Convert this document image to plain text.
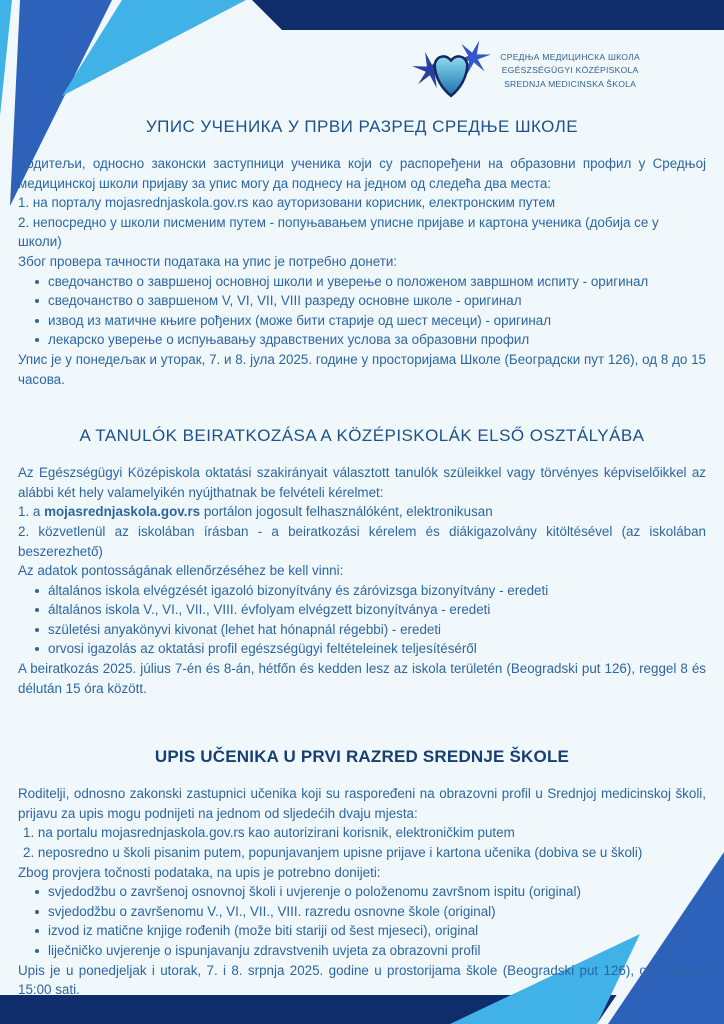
СРЕДЊА МЕДИЦИНСКА ШКОЛА
EGÉSZSÉGÜGYI KÖZÉPISKOLA
SREDNJA MEDICINSKA ŠKOLA
УПИС УЧЕНИКА У ПРВИ РАЗРЕД СРЕДЊЕ ШКОЛЕ

Родитељи, односно законски заступници ученика који су распоређени на образовни профил у Средњој медицинској школи пријаву за упис могу да поднесу на једном од следећа два места:

1. на порталу mojasrednjaskola.gov.rs као ауторизовани корисник, електронским путем

2. непосредно у школи писменим путем - попуњавањем уписне пријаве и картона ученика (добија се у школи)

Због провера тачности података на упис је потребно донети:

сведочанство о завршеној основној школи и уверење о положеном завршном испиту - оригинал
сведочанство о завршеном V, VI, VII, VIII разреду основне школе - оригинал
извод из матичне књиге рођених (може бити старије од шест месеци) - оригинал
лекарско уверење о испуњавању здравствених услова за образовни профил

Упис је у понедељак и уторак, 7. и 8. јула 2025. године у просторијама Школе (Београдски пут 126), од 8 до 15 часова.

A TANULÓK BEIRATKOZÁSA A KÖZÉPISKOLÁK ELSŐ OSZTÁLYÁBA

Az Egészségügyi Középiskola oktatási szakirányait választott tanulók szüleikkel vagy törvényes képviselőikkel az alábbi két hely valamelyikén nyújthatnak be felvételi kérelmet:

1. a mojasrednjaskola.gov.rs portálon jogosult felhasználóként, elektronikusan

2. közvetlenül az iskolában írásban - a beiratkozási kérelem és diákigazolvány kitöltésével (az iskolában beszerezhető)

Az adatok pontosságának ellenőrzéséhez be kell vinni:

általános iskola elvégzését igazoló bizonyítvány és záróvizsga bizonyítvány - eredeti
általános iskola V., VI., VII., VIII. évfolyam elvégzett bizonyítványa - eredeti
születési anyakönyvi kivonat (lehet hat hónapnál régebbi) - eredeti
orvosi igazolás az oktatási profil egészségügyi feltételeinek teljesítéséről

A beiratkozás 2025. július 7-én és 8-án, hétfőn és kedden lesz az iskola területén (Beogradski put 126), reggel 8 és délután 15 óra között.

UPIS UČENIKA U PRVI RAZRED SREDNJE ŠKOLE

Roditelji, odnosno zakonski zastupnici učenika koji su raspoređeni na obrazovni profil u Srednjoj medicinskoj školi, prijavu za upis mogu podnijeti na jednom od sljedećih dvaju mjesta:

1. na portalu mojasrednjaskola.gov.rs kao autorizirani korisnik, elektroničkim putem

2. neposredno u školi pisanim putem, popunjavanjem upisne prijave i kartona učenika (dobiva se u školi)

Zbog provjera točnosti podataka, na upis je potrebno donijeti:

svjedodžbu o završenoj osnovnoj školi i uvjerenje o položenomu završnom ispitu (original)
svjedodžbu o završenomu V., VI., VII., VIII. razredu osnovne škole (original)
izvod iz matične knjige rođenih (može biti stariji od šest mjeseci), original
liječničko uvjerenje o ispunjavanju zdravstvenih uvjeta za obrazovni profil

Upis je u ponedjeljak i utorak, 7. i 8. srpnja 2025. godine u prostorijama škole (Beogradski put 126), od 8:00 do 15:00 sati.
